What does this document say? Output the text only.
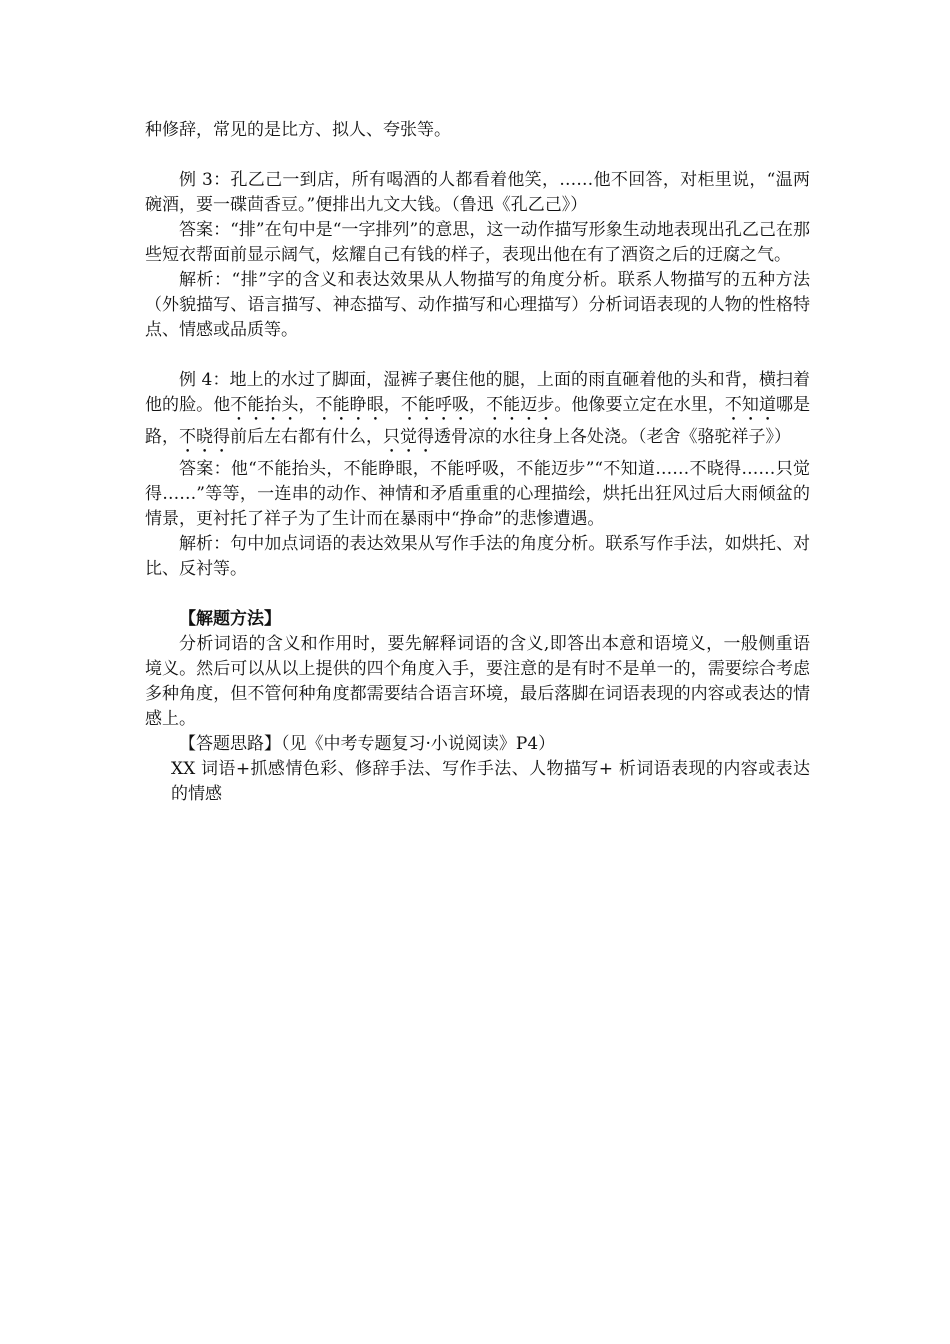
种修辞，常见的是比方、拟人、夸张等。

例 3：孔乙己一到店，所有喝酒的人都看着他笑，……他不回答，对柜里说，“温两碗酒，要一碟茴香豆。”便排出九文大钱。（鲁迅《孔乙己》）

答案：“排”在句中是“一字排列”的意思，这一动作描写形象生动地表现出孔乙己在那些短衣帮面前显示阔气，炫耀自己有钱的样子，表现出他在有了酒资之后的迂腐之气。

解析：“排”字的含义和表达效果从人物描写的角度分析。联系人物描写的五种方法（外貌描写、语言描写、神态描写、动作描写和心理描写）分析词语表现的人物的性格特点、情感或品质等。

例 4：地上的水过了脚面，湿裤子裹住他的腿，上面的雨直砸着他的头和背，横扫着他的脸。他不能抬头，不能睁眼，不能呼吸，不能迈步。他像要立定在水里，不知道哪是路，不晓得前后左右都有什么，只觉得透骨凉的水往身上各处浇。（老舍《骆驼祥子》）

答案：他“不能抬头，不能睁眼，不能呼吸，不能迈步”“不知道……不晓得……只觉得……”等等，一连串的动作、神情和矛盾重重的心理描绘，烘托出狂风过后大雨倾盆的情景，更衬托了祥子为了生计而在暴雨中“挣命”的悲惨遭遇。

解析：句中加点词语的表达效果从写作手法的角度分析。联系写作手法，如烘托、对比、反衬等。

【解题方法】

分析词语的含义和作用时，要先解释词语的含义,即答出本意和语境义，一般侧重语境义。然后可以从以上提供的四个角度入手，要注意的是有时不是单一的，需要综合考虑多种角度，但不管何种角度都需要结合语言环境，最后落脚在词语表现的内容或表达的情感上。

【答题思路】（见《中考专题复习·小说阅读》P4）

XX 词语+抓感情色彩、修辞手法、写作手法、人物描写+ 析词语表现的内容或表达的情感
